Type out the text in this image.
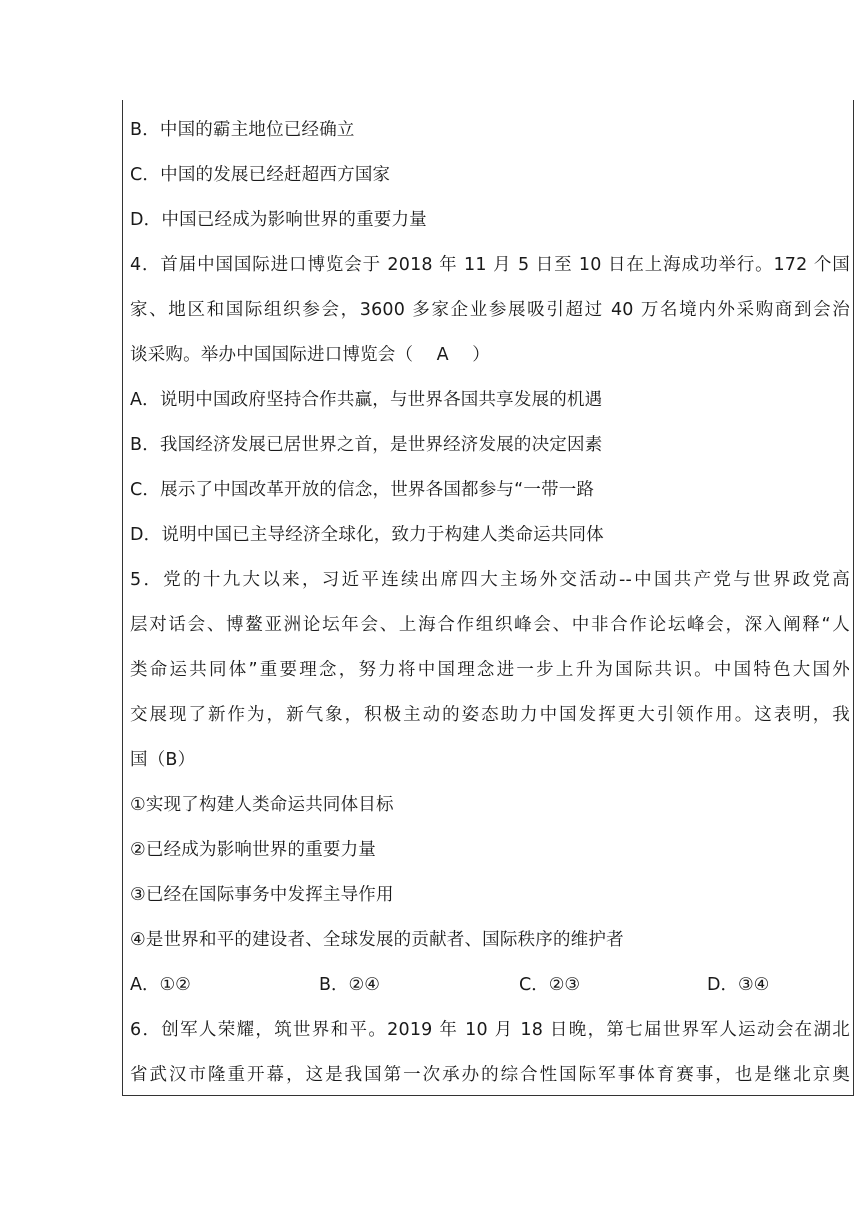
B．中国的霸主地位已经确立
C．中国的发展已经赶超西方国家
D．中国已经成为影响世界的重要力量
4．首届中国国际进口博览会于 2018 年 11 月 5 日至 10 日在上海成功举行。172 个国
家、地区和国际组织参会，3600 多家企业参展吸引超过 40 万名境内外采购商到会治
谈采购。举办中国国际进口博览会（　 A　 ）
A．说明中国政府坚持合作共赢，与世界各国共享发展的机遇
B．我国经济发展已居世界之首，是世界经济发展的决定因素
C．展示了中国改革开放的信念，世界各国都参与“一带一路
D．说明中国已主导经济全球化，致力于构建人类命运共同体
5．党的十九大以来，习近平连续出席四大主场外交活动--中国共产党与世界政党高
层对话会、博鳌亚洲论坛年会、上海合作组织峰会、中非合作论坛峰会，深入阐释“人
类命运共同体”重要理念，努力将中国理念进一步上升为国际共识。中国特色大国外
交展现了新作为，新气象，积极主动的姿态助力中国发挥更大引领作用。这表明，我
国（B）
①实现了构建人类命运共同体目标
②已经成为影响世界的重要力量
③已经在国际事务中发挥主导作用
④是世界和平的建设者、全球发展的贡献者、国际秩序的维护者
A．①②	B．②④	C．②③	D．③④
6．创军人荣耀，筑世界和平。2019 年 10 月 18 日晚，第七届世界军人运动会在湖北
省武汉市隆重开幕，这是我国第一次承办的综合性国际军事体育赛事，也是继北京奥
